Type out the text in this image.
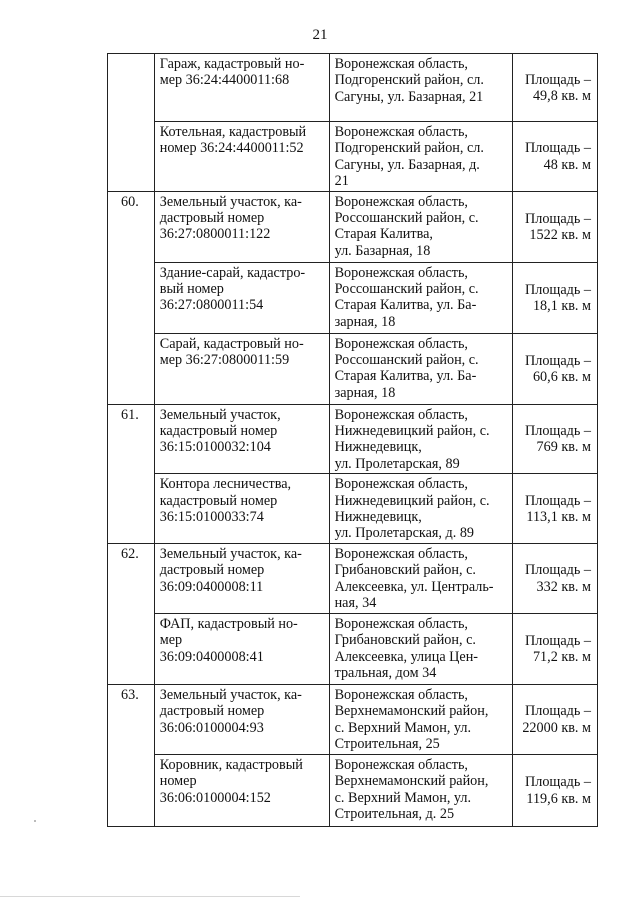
21

	Гараж, кадастровый но-
мер 36:24:4400011:68	Воронежская область,
Подгоренский район, сл.
Сагуны, ул. Базарная, 21	Площадь –
49,8 кв. м

	Котельная, кадастровый
номер 36:24:4400011:52	Воронежская область,
Подгоренский район, сл.
Сагуны, ул. Базарная, д.
21	Площадь –
48 кв. м

60.	Земельный участок, ка-
дастровый номер
36:27:0800011:122	Воронежская область,
Россошанский район, с.
Старая Калитва,
ул. Базарная, 18	Площадь –
1522 кв. м

	Здание-сарай, кадастро-
вый номер
36:27:0800011:54	Воронежская область,
Россошанский район, с.
Старая Калитва, ул. Ба-
зарная, 18	Площадь –
18,1 кв. м

	Сарай, кадастровый но-
мер 36:27:0800011:59	Воронежская область,
Россошанский район, с.
Старая Калитва, ул. Ба-
зарная, 18	Площадь –
60,6 кв. м

61.	Земельный участок,
кадастровый номер
36:15:0100032:104	Воронежская область,
Нижнедевицкий район, с.
Нижнедевицк,
ул. Пролетарская, 89	Площадь –
769 кв. м

	Контора лесничества,
кадастровый номер
36:15:0100033:74	Воронежская область,
Нижнедевицкий район, с.
Нижнедевицк,
ул. Пролетарская, д. 89	Площадь –
113,1 кв. м

62.	Земельный участок, ка-
дастровый номер
36:09:0400008:11	Воронежская область,
Грибановский район, с.
Алексеевка, ул. Централь-
ная, 34	Площадь –
332 кв. м

	ФАП, кадастровый но-
мер
36:09:0400008:41	Воронежская область,
Грибановский район, с.
Алексеевка, улица Цен-
тральная, дом 34	Площадь –
71,2 кв. м

63.	Земельный участок, ка-
дастровый номер
36:06:0100004:93	Воронежская область,
Верхнемамонский район,
с. Верхний Мамон, ул.
Строительная, 25	Площадь –
22000 кв. м

	Коровник, кадастровый
номер
36:06:0100004:152	Воронежская область,
Верхнемамонский район,
с. Верхний Мамон, ул.
Строительная, д. 25	Площадь –
119,6 кв. м
